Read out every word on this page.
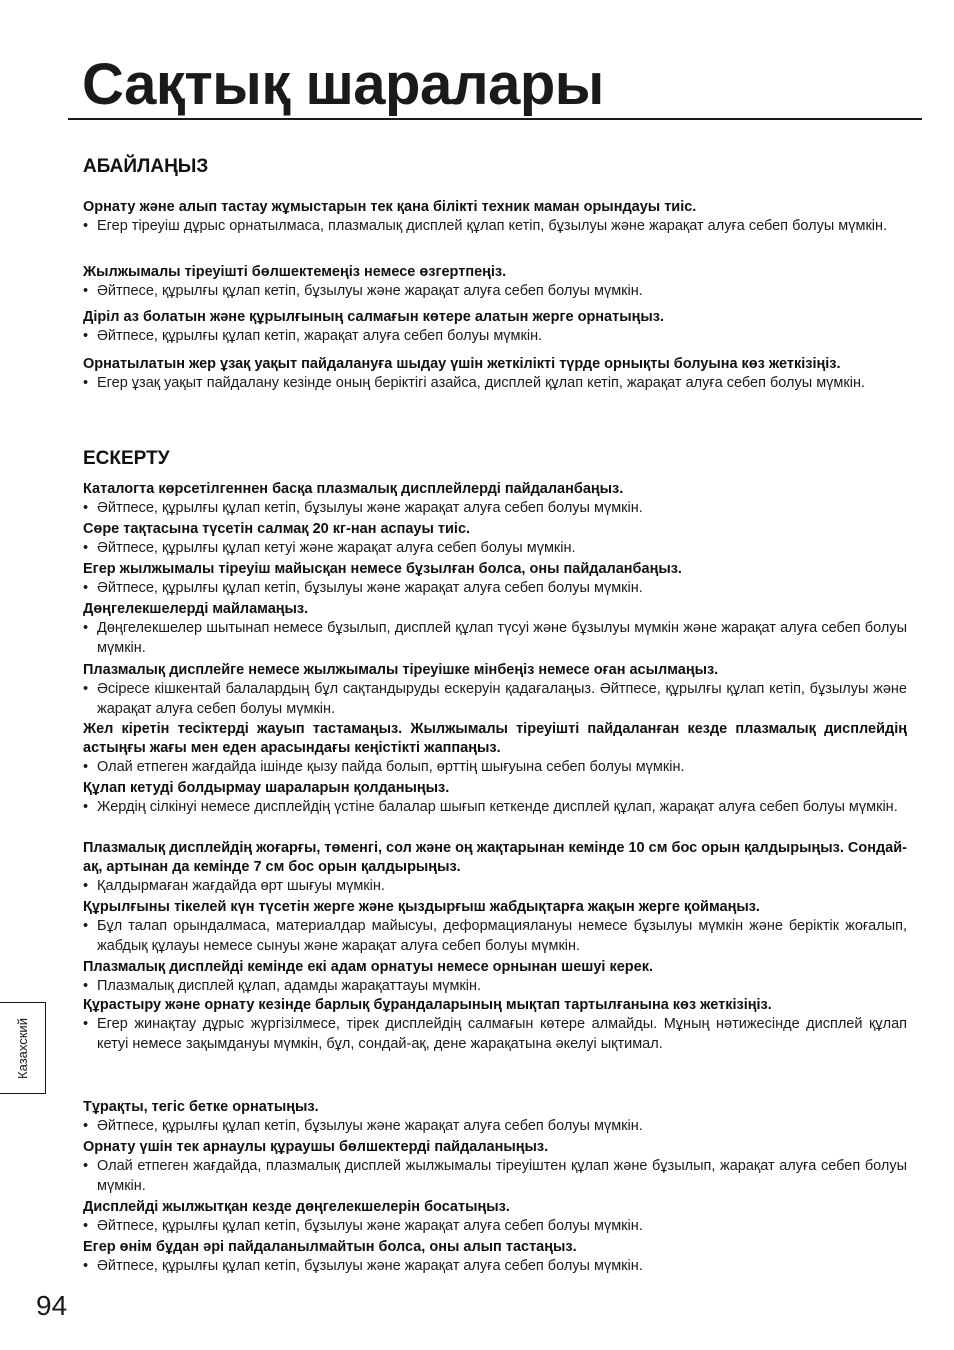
Сақтық шаралары
АБАЙЛАҢЫЗ
Орнату және алып тастау жұмыстарын тек қана білікті техник маман орындауы тиіс.
• Егер тіреуіш дұрыс орнатылмаса, плазмалық дисплей құлап кетіп, бұзылуы және жарақат алуға себеп болуы мүмкін.
Жылжымалы тіреуішті бөлшектемеңіз немесе өзгертпеңіз.
• Әйтпесе, құрылғы құлап кетіп, бұзылуы және жарақат алуға себеп болуы мүмкін.
Діріл аз болатын және құрылғының салмағын көтере алатын жерге орнатыңыз.
• Әйтпесе, құрылғы құлап кетіп, жарақат алуға себеп болуы мүмкін.
Орнатылатын жер ұзақ уақыт пайдалануға шыдау үшін жеткілікті түрде орнықты болуына көз жеткізіңіз.
• Егер ұзақ уақыт пайдалану кезінде оның беріктігі азайса, дисплей құлап кетіп, жарақат алуға себеп болуы мүмкін.
ЕСКЕРТУ
Каталогта көрсетілгеннен басқа плазмалық дисплейлерді пайдаланбаңыз.
• Әйтпесе, құрылғы құлап кетіп, бұзылуы және жарақат алуға себеп болуы мүмкін.
Сөре тақтасына түсетін салмақ 20 кг-нан аспауы тиіс.
• Әйтпесе, құрылғы құлап кетуі және жарақат алуға себеп болуы мүмкін.
Егер жылжымалы тіреуіш майысқан немесе бұзылған болса, оны пайдаланбаңыз.
• Әйтпесе, құрылғы құлап кетіп, бұзылуы және жарақат алуға себеп болуы мүмкін.
Дөңгелекшелерді майламаңыз.
• Дөңгелекшелер шытынап немесе бұзылып, дисплей құлап түсуі және бұзылуы мүмкін және жарақат алуға себеп болуы мүмкін.
Плазмалық дисплейге немесе жылжымалы тіреуішке мінбеңіз немесе оған асылмаңыз.
• Әсіресе кішкентай балалардың бұл сақтандыруды ескеруін қадағалаңыз. Әйтпесе, құрылғы құлап кетіп, бұзылуы және жарақат алуға себеп болуы мүмкін.
Жел кіретін тесіктерді жауып тастамаңыз. Жылжымалы тіреуішті пайдаланған кезде плазмалық дисплейдің астыңғы жағы мен еден арасындағы кеңістікті жаппаңыз.
• Олай етпеген жағдайда ішінде қызу пайда болып, өрттің шығуына себеп болуы мүмкін.
Құлап кетуді болдырмау шараларын қолданыңыз.
• Жердің сілкінуі немесе дисплейдің үстіне балалар шығып кеткенде дисплей құлап, жарақат алуға себеп болуы мүмкін.
Плазмалық дисплейдің жоғарғы, төменгі, сол және оң жақтарынан кемінде 10 см бос орын қалдырыңыз. Сондай-ақ, артынан да кемінде 7 см бос орын қалдырыңыз.
• Қалдырмаған жағдайда өрт шығуы мүмкін.
Құрылғыны тікелей күн түсетін жерге және қыздырғыш жабдықтарға жақын жерге қоймаңыз.
• Бұл талап орындалмаса, материалдар майысуы, деформациялануы немесе бұзылуы мүмкін және беріктік жоғалып, жабдық құлауы немесе сынуы және жарақат алуға себеп болуы мүмкін.
Плазмалық дисплейді кемінде екі адам орнатуы немесе орнынан шешуі керек.
• Плазмалық дисплей құлап, адамды жарақаттауы мүмкін.
Құрастыру және орнату кезінде барлық бұрандаларының мықтап тартылғанына көз жеткізіңіз.
• Егер жинақтау дұрыс жүргізілмесе, тірек дисплейдің салмағын көтере алмайды. Мұның нәтижесінде дисплей құлап кетуі немесе зақымдануы мүмкін, бұл, сондай-ақ, дене жарақатына әкелуі ықтимал.
Тұрақты, тегіс бетке орнатыңыз.
• Әйтпесе, құрылғы құлап кетіп, бұзылуы және жарақат алуға себеп болуы мүмкін.
Орнату үшін тек арнаулы құраушы бөлшектерді пайдаланыңыз.
• Олай етпеген жағдайда, плазмалық дисплей жылжымалы тіреуіштен құлап және бұзылып, жарақат алуға себеп болуы мүмкін.
Дисплейді жылжытқан кезде дөңгелекшелерін босатыңыз.
• Әйтпесе, құрылғы құлап кетіп, бұзылуы және жарақат алуға себеп болуы мүмкін.
Егер өнім бұдан әрі пайдаланылмайтын болса, оны алып тастаңыз.
• Әйтпесе, құрылғы құлап кетіп, бұзылуы және жарақат алуға себеп болуы мүмкін.
Казахский
94
